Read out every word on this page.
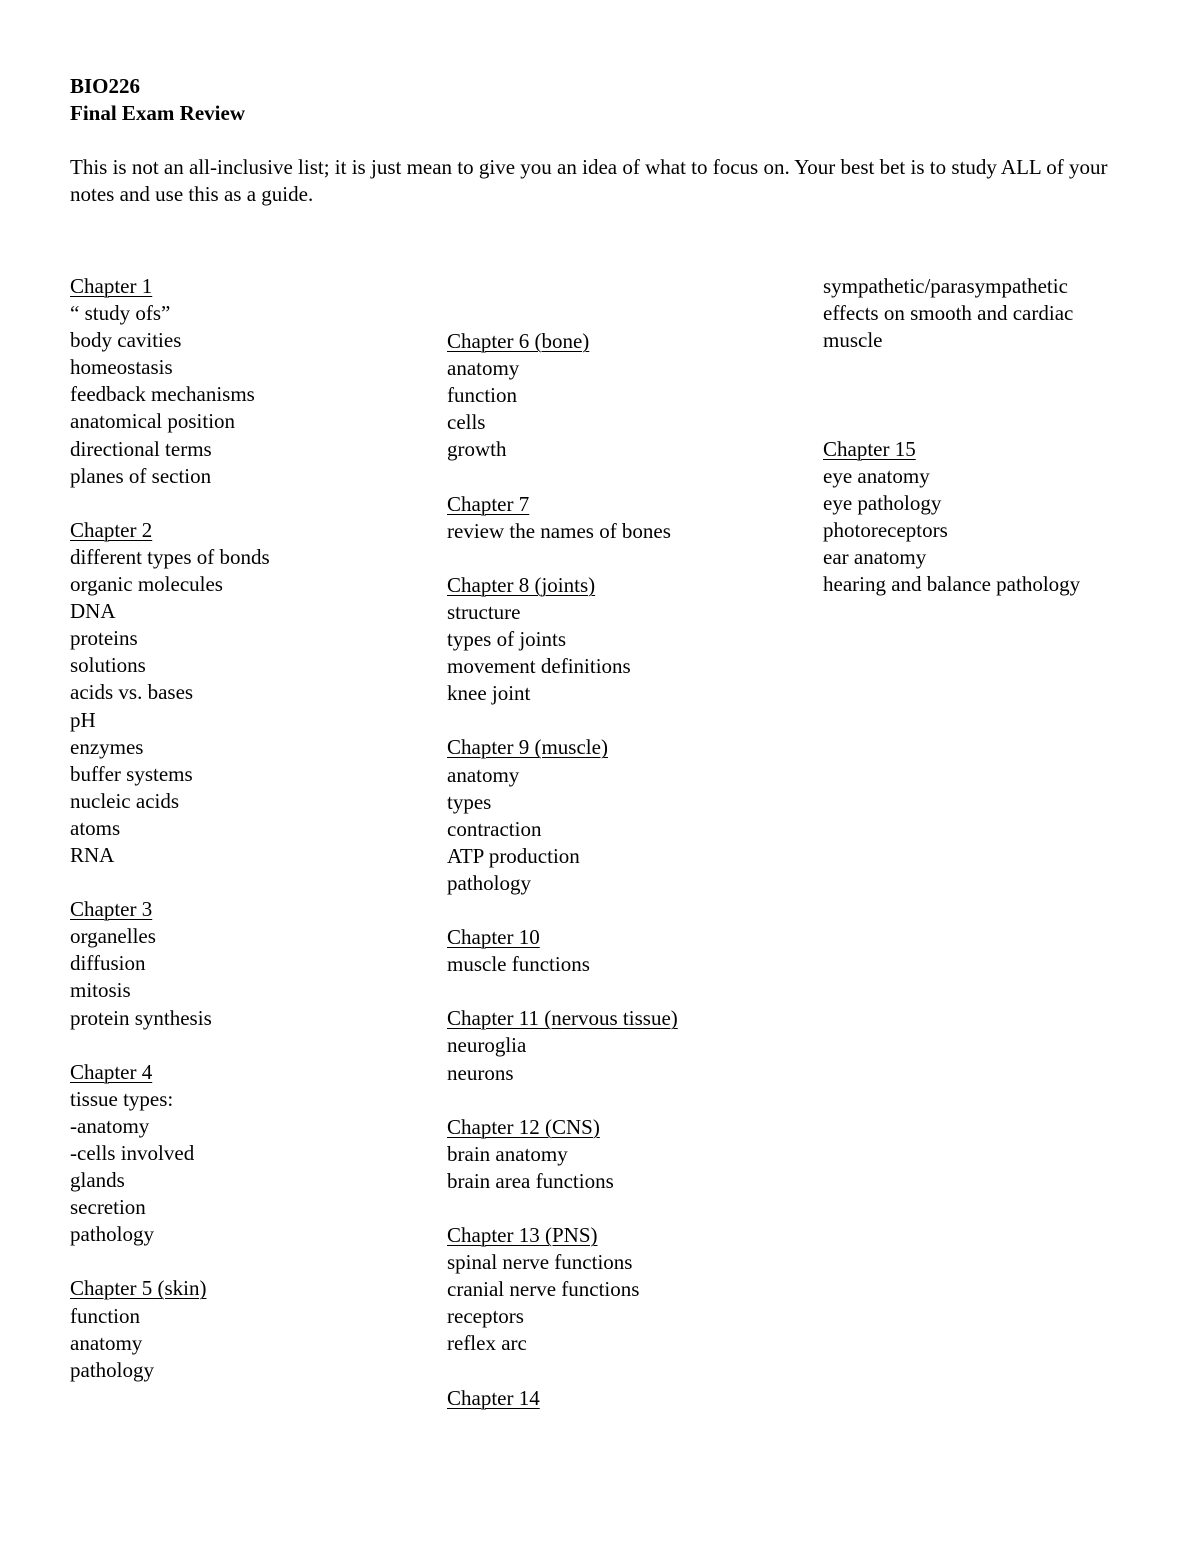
BIO226

Final Exam Review

This is not an all-inclusive list; it is just mean to give you an idea of what to focus on. Your best bet is to study ALL of your notes and use this as a guide.

Chapter 1
“ study ofs”
body cavities
homeostasis
feedback mechanisms
anatomical position
directional terms
planes of section
Chapter 2
different types of bonds
organic molecules
DNA
proteins
solutions
acids vs. bases
pH
enzymes
buffer systems
nucleic acids
atoms
RNA
Chapter 3
organelles
diffusion
mitosis
protein synthesis
Chapter 4
tissue types:
-anatomy
-cells involved
glands
secretion
pathology
Chapter 5 (skin)
function
anatomy
pathology
Chapter 6 (bone)
anatomy
function
cells
growth
Chapter 7
review the names of bones
Chapter 8 (joints)
structure
types of joints
movement definitions
knee joint
Chapter 9 (muscle)
anatomy
types
contraction
ATP production
pathology
Chapter 10
muscle functions
Chapter 11 (nervous tissue)
neuroglia
neurons
Chapter 12 (CNS)
brain anatomy
brain area functions
Chapter 13 (PNS)
spinal nerve functions
cranial nerve functions
receptors
reflex arc
Chapter 14
sympathetic/parasympathetic
effects on smooth and cardiac
muscle
Chapter 15
eye anatomy
eye pathology
photoreceptors
ear anatomy
hearing and balance pathology
